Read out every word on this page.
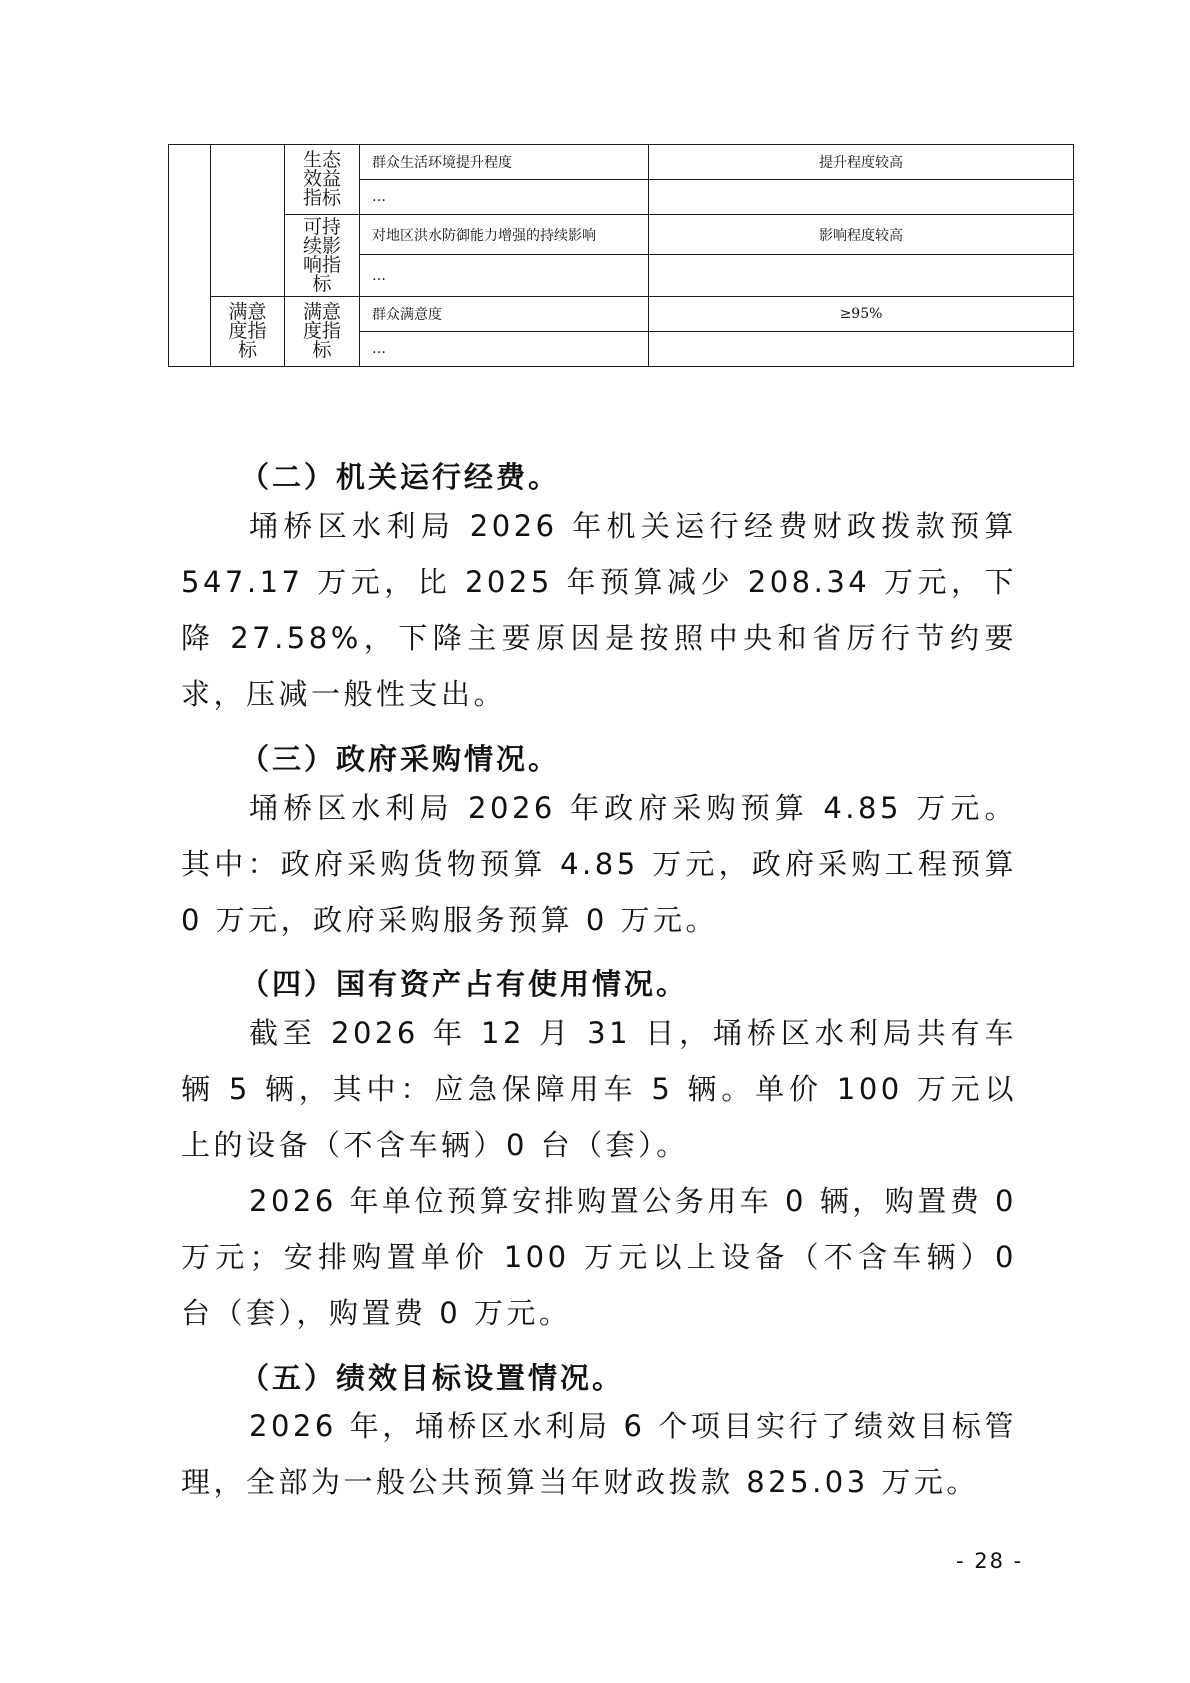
		生态效益指标	群众生活环境提升程度	提升程度较高
			…	
		可持续影响指标	对地区洪水防御能力增强的持续影响	影响程度较高
			…	
	满意度指标	满意度指标	群众满意度	≥95%
			…	
（二）机关运行经费。
埇桥区水利局 2026 年机关运行经费财政拨款预算 547.17 万元，比 2025 年预算减少 208.34 万元，下降 27.58%，下降主要原因是按照中央和省厉行节约要求，压减一般性支出。
（三）政府采购情况。
埇桥区水利局 2026 年政府采购预算 4.85 万元。其中：政府采购货物预算 4.85 万元，政府采购工程预算 0 万元，政府采购服务预算 0 万元。
（四）国有资产占有使用情况。
截至 2026 年 12 月 31 日，埇桥区水利局共有车辆 5 辆，其中：应急保障用车 5 辆。单价 100 万元以上的设备（不含车辆）0 台（套）。
2026 年单位预算安排购置公务用车 0 辆，购置费 0 万元；安排购置单价 100 万元以上设备（不含车辆）0 台（套），购置费 0 万元。
（五）绩效目标设置情况。
2026 年，埇桥区水利局 6 个项目实行了绩效目标管理，全部为一般公共预算当年财政拨款 825.03 万元。
- 28 -
